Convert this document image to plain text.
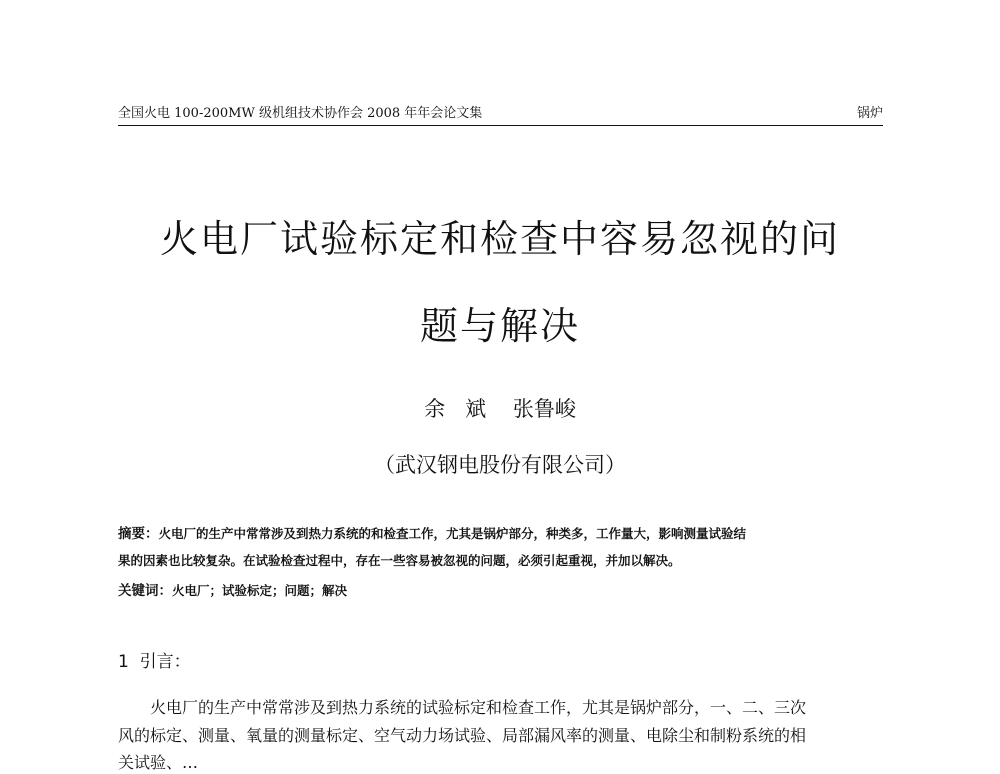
全国火电 100-200MW 级机组技术协作会 2008 年年会论文集	锅炉
火电厂试验标定和检查中容易忽视的问
题与解决
余   斌    张鲁峻
（武汉钢电股份有限公司）
摘要：火电厂的生产中常常涉及到热力系统的和检查工作，尤其是锅炉部分，种类多，工作量大，影响测量试验结
果的因素也比较复杂。在试验检查过程中，存在一些容易被忽视的问题，必须引起重视，并加以解决。
关键词：火电厂；试验标定；问题；解决
1  引言：
火电厂的生产中常常涉及到热力系统的试验标定和检查工作，尤其是锅炉部分，一、二、三次
风的标定、测量、氧量的测量标定、空气动力场试验、局部漏风率的测量、电除尘和制粉系统的相
关试验、…
